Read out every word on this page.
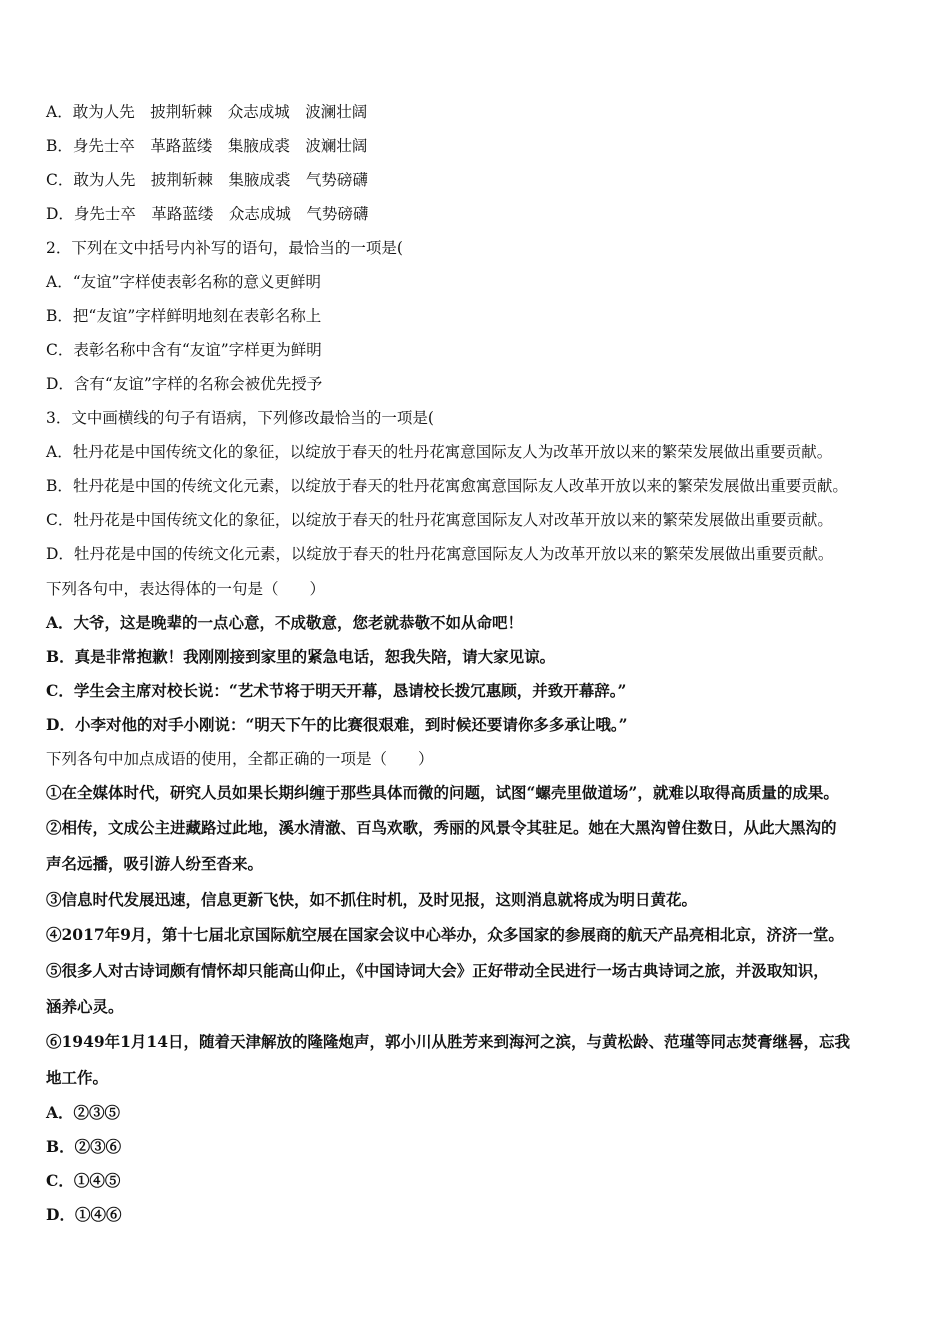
A．敢为人先　披荆斩棘　众志成城　波澜壮阔
B．身先士卒　革路蓝缕　集腋成裘　波斓壮阔
C．敢为人先　披荆斩棘　集腋成裘　气势磅礴
D．身先士卒　革路蓝缕　众志成城　气势磅礴
2．下列在文中括号内补写的语句，最恰当的一项是(
A．“友谊”字样使表彰名称的意义更鲜明
B．把“友谊”字样鲜明地刻在表彰名称上
C．表彰名称中含有“友谊”字样更为鲜明
D．含有“友谊”字样的名称会被优先授予
3．文中画横线的句子有语病，下列修改最恰当的一项是(
A．牡丹花是中国传统文化的象征，以绽放于春天的牡丹花寓意国际友人为改革开放以来的繁荣发展做出重要贡献。
B．牡丹花是中国的传统文化元素，以绽放于春天的牡丹花寓愈寓意国际友人改革开放以来的繁荣发展做出重要贡献。
C．牡丹花是中国传统文化的象征，以绽放于春天的牡丹花寓意国际友人对改革开放以来的繁荣发展做出重要贡献。
D．牡丹花是中国的传统文化元素，以绽放于春天的牡丹花寓意国际友人为改革开放以来的繁荣发展做出重要贡献。
下列各句中，表达得体的一句是（　　）
A．大爷，这是晚辈的一点心意，不成敬意，您老就恭敬不如从命吧！
B．真是非常抱歉！我刚刚接到家里的紧急电话，恕我失陪，请大家见谅。
C．学生会主席对校长说：“艺术节将于明天开幕，恳请校长拨冗惠顾，并致开幕辞。”
D．小李对他的对手小刚说：“明天下午的比赛很艰难，到时候还要请你多多承让哦。”
下列各句中加点成语的使用，全都正确的一项是（　　）
①在全媒体时代，研究人员如果长期纠缠于那些具体而微的问题，试图“螺壳里做道场”，就难以取得高质量的成果。
②相传，文成公主进藏路过此地，溪水清澈、百鸟欢歌，秀丽的风景令其驻足。她在大黑沟曾住数日，从此大黑沟的
声名远播，吸引游人纷至沓来。
③信息时代发展迅速，信息更新飞快，如不抓住时机，及时见报，这则消息就将成为明日黄花。
④2017年9月，第十七届北京国际航空展在国家会议中心举办，众多国家的参展商的航天产品亮相北京，济济一堂。
⑤很多人对古诗词颇有情怀却只能高山仰止，《中国诗词大会》正好带动全民进行一场古典诗词之旅，并汲取知识，
涵养心灵。
⑥1949年1月14日，随着天津解放的隆隆炮声，郭小川从胜芳来到海河之滨，与黄松龄、范瑾等同志焚膏继晷，忘我
地工作。
A．②③⑤
B．②③⑥
C．①④⑤
D．①④⑥
